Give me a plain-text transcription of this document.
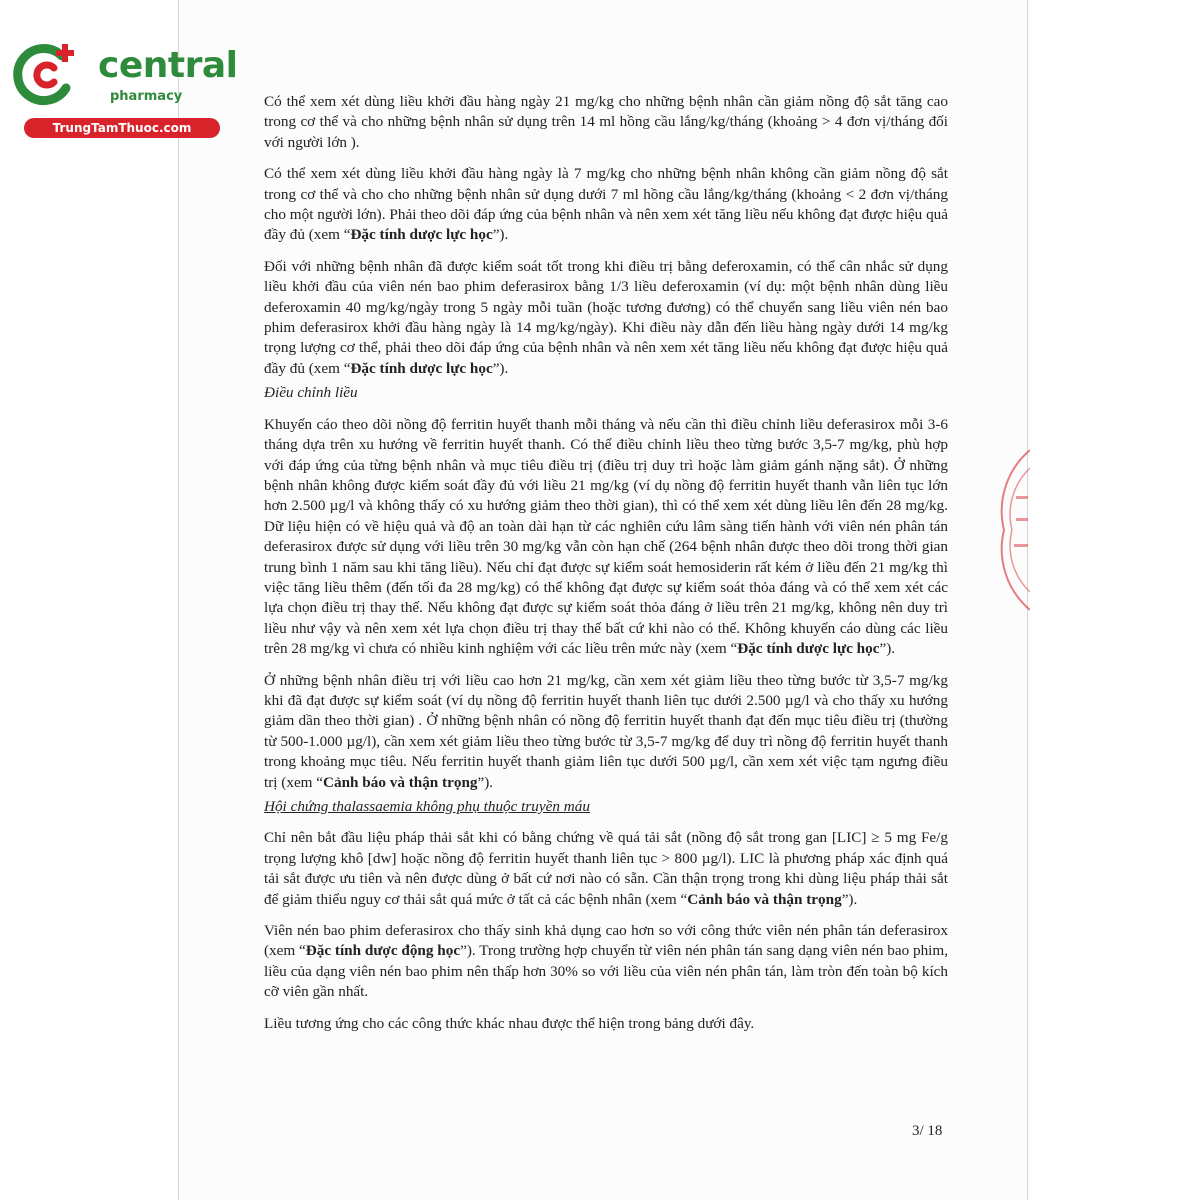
central
pharmacy
TrungTamThuoc.com

Có thể xem xét dùng liều khởi đầu hàng ngày 21 mg/kg cho những bệnh nhân cần giảm nồng độ sắt tăng cao trong cơ thể và cho những bệnh nhân sử dụng trên 14 ml hồng cầu lắng/kg/tháng (khoảng > 4 đơn vị/tháng đối với người lớn ).

Có thể xem xét dùng liều khởi đầu hàng ngày là 7 mg/kg cho những bệnh nhân không cần giảm nồng độ sắt trong cơ thể và cho cho những bệnh nhân sử dụng dưới 7 ml hồng cầu lắng/kg/tháng (khoảng < 2 đơn vị/tháng cho một người lớn). Phải theo dõi đáp ứng của bệnh nhân và nên xem xét tăng liều nếu không đạt được hiệu quả đầy đủ (xem “Đặc tính dược lực học”).

Đối với những bệnh nhân đã được kiểm soát tốt trong khi điều trị bằng deferoxamin, có thể cân nhắc sử dụng liều khởi đầu của viên nén bao phim deferasirox bằng 1/3 liều deferoxamin (ví dụ: một bệnh nhân dùng liều deferoxamin 40 mg/kg/ngày trong 5 ngày mỗi tuần (hoặc tương đương) có thể chuyển sang liều viên nén bao phim deferasirox khởi đầu hàng ngày là 14 mg/kg/ngày). Khi điều này dẫn đến liều hàng ngày dưới 14 mg/kg trọng lượng cơ thể, phải theo dõi đáp ứng của bệnh nhân và nên xem xét tăng liều nếu không đạt được hiệu quả đầy đủ (xem “Đặc tính dược lực học”).

Điều chỉnh liều

Khuyến cáo theo dõi nồng độ ferritin huyết thanh mỗi tháng và nếu cần thì điều chỉnh liều deferasirox mỗi 3-6 tháng dựa trên xu hướng về ferritin huyết thanh. Có thể điều chỉnh liều theo từng bước 3,5-7 mg/kg, phù hợp với đáp ứng của từng bệnh nhân và mục tiêu điều trị (điều trị duy trì hoặc làm giảm gánh nặng sắt). Ở những bệnh nhân không được kiểm soát đầy đủ với liều 21 mg/kg (ví dụ nồng độ ferritin huyết thanh vẫn liên tục lớn hơn 2.500 µg/l và không thấy có xu hướng giảm theo thời gian), thì có thể xem xét dùng liều lên đến 28 mg/kg. Dữ liệu hiện có về hiệu quả và độ an toàn dài hạn từ các nghiên cứu lâm sàng tiến hành với viên nén phân tán deferasirox được sử dụng với liều trên 30 mg/kg vẫn còn hạn chế (264 bệnh nhân được theo dõi trong thời gian trung bình 1 năm sau khi tăng liều). Nếu chỉ đạt được sự kiểm soát hemosiderin rất kém ở liều đến 21 mg/kg thì việc tăng liều thêm (đến tối đa 28 mg/kg) có thể không đạt được sự kiểm soát thỏa đáng và có thể xem xét các lựa chọn điều trị thay thế. Nếu không đạt được sự kiểm soát thỏa đáng ở liều trên 21 mg/kg, không nên duy trì liều như vậy và nên xem xét lựa chọn điều trị thay thế bất cứ khi nào có thể. Không khuyến cáo dùng các liều trên 28 mg/kg vì chưa có nhiều kinh nghiệm với các liều trên mức này (xem “Đặc tính dược lực học”).

Ở những bệnh nhân điều trị với liều cao hơn 21 mg/kg, cần xem xét giảm liều theo từng bước từ 3,5-7 mg/kg khi đã đạt được sự kiểm soát (ví dụ nồng độ ferritin huyết thanh liên tục dưới 2.500 µg/l và cho thấy xu hướng giảm dần theo thời gian) . Ở những bệnh nhân có nồng độ ferritin huyết thanh đạt đến mục tiêu điều trị (thường từ 500-1.000 µg/l), cần xem xét giảm liều theo từng bước từ 3,5-7 mg/kg để duy trì nồng độ ferritin huyết thanh trong khoảng mục tiêu. Nếu ferritin huyết thanh giảm liên tục dưới 500 µg/l, cần xem xét việc tạm ngưng điều trị (xem “Cảnh báo và thận trọng”).

Hội chứng thalassaemia không phụ thuộc truyền máu

Chỉ nên bắt đầu liệu pháp thải sắt khi có bằng chứng về quá tải sắt (nồng độ sắt trong gan [LIC] ≥ 5 mg Fe/g trọng lượng khô [dw] hoặc nồng độ ferritin huyết thanh liên tục > 800 µg/l). LIC là phương pháp xác định quá tải sắt được ưu tiên và nên được dùng ở bất cứ nơi nào có sẵn. Cần thận trọng trong khi dùng liệu pháp thải sắt để giảm thiểu nguy cơ thải sắt quá mức ở tất cả các bệnh nhân (xem “Cảnh báo và thận trọng”).

Viên nén bao phim deferasirox cho thấy sinh khả dụng cao hơn so với công thức viên nén phân tán deferasirox (xem “Đặc tính dược động học”). Trong trường hợp chuyển từ viên nén phân tán sang dạng viên nén bao phim, liều của dạng viên nén bao phim nên thấp hơn 30% so với liều của viên nén phân tán, làm tròn đến toàn bộ kích cỡ viên gần nhất.

Liều tương ứng cho các công thức khác nhau được thể hiện trong bảng dưới đây.

3/ 18
